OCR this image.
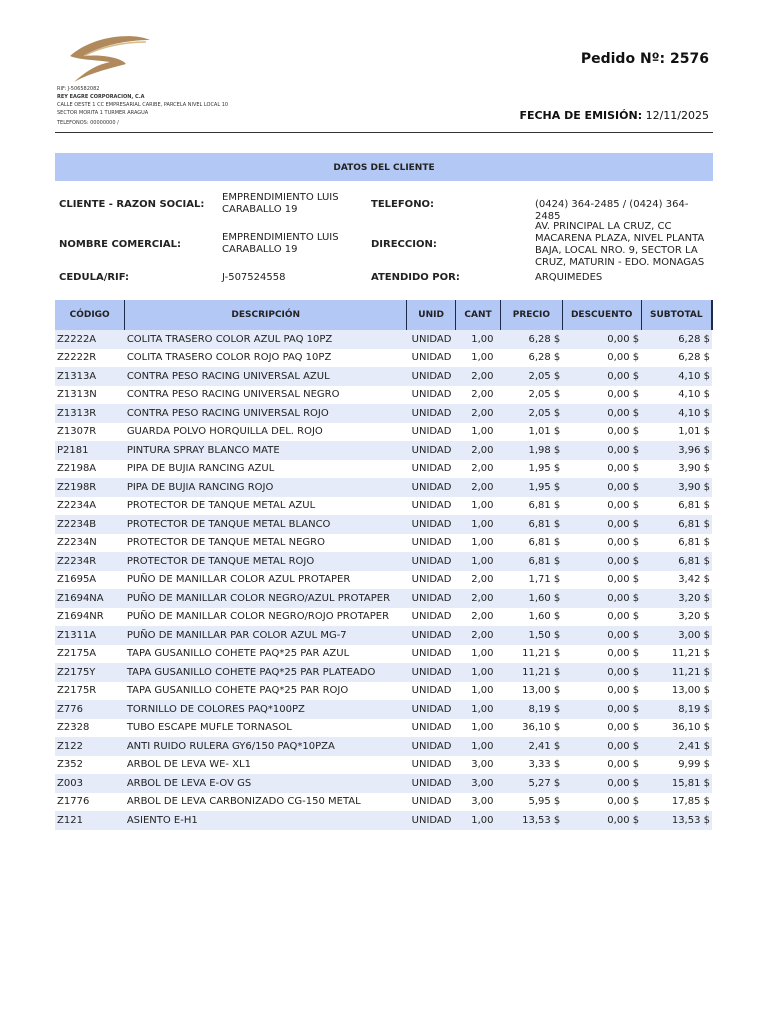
RIF: J-506582082
REY EAGRE CORPORACION, C.A
CALLE OESTE 1 CC EMPRESARIAL CARIBE, PARCELA NIVEL LOCAL 10
SECTOR MORITA 1 TURMER ARAGUA
TELEFONOS: 00000000 /
Pedido Nº: 2576
FECHA DE EMISIÓN: 12/11/2025
DATOS DEL CLIENTE
CLIENTE - RAZON SOCIAL:
EMPRENDIMIENTO LUIS CARABALLO 19	TELEFONO:	(0424) 364-2485 / (0424) 364-2485
NOMBRE COMERCIAL:
EMPRENDIMIENTO LUIS CARABALLO 19	DIRECCION:
AV. PRINCIPAL LA CRUZ, CC MACARENA PLAZA, NIVEL PLANTA BAJA, LOCAL NRO. 9, SECTOR LA CRUZ, MATURIN - EDO. MONAGAS
CEDULA/RIF:	J-507524558	ATENDIDO POR:	ARQUIMEDES
CÓDIGO	DESCRIPCIÓN	UNID	CANT	PRECIO	DESCUENTO	SUBTOTAL
Z2222A	COLITA TRASERO COLOR AZUL PAQ 10PZ	UNIDAD	1,00	6,28 $	0,00 $	6,28 $
Z2222R	COLITA TRASERO COLOR ROJO PAQ 10PZ	UNIDAD	1,00	6,28 $	0,00 $	6,28 $
Z1313A	CONTRA PESO RACING UNIVERSAL AZUL	UNIDAD	2,00	2,05 $	0,00 $	4,10 $
Z1313N	CONTRA PESO RACING UNIVERSAL NEGRO	UNIDAD	2,00	2,05 $	0,00 $	4,10 $
Z1313R	CONTRA PESO RACING UNIVERSAL ROJO	UNIDAD	2,00	2,05 $	0,00 $	4,10 $
Z1307R	GUARDA POLVO HORQUILLA DEL. ROJO	UNIDAD	1,00	1,01 $	0,00 $	1,01 $
P2181	PINTURA SPRAY BLANCO MATE	UNIDAD	2,00	1,98 $	0,00 $	3,96 $
Z2198A	PIPA DE BUJIA RANCING AZUL	UNIDAD	2,00	1,95 $	0,00 $	3,90 $
Z2198R	PIPA DE BUJIA RANCING ROJO	UNIDAD	2,00	1,95 $	0,00 $	3,90 $
Z2234A	PROTECTOR DE TANQUE METAL AZUL	UNIDAD	1,00	6,81 $	0,00 $	6,81 $
Z2234B	PROTECTOR DE TANQUE METAL BLANCO	UNIDAD	1,00	6,81 $	0,00 $	6,81 $
Z2234N	PROTECTOR DE TANQUE METAL NEGRO	UNIDAD	1,00	6,81 $	0,00 $	6,81 $
Z2234R	PROTECTOR DE TANQUE METAL ROJO	UNIDAD	1,00	6,81 $	0,00 $	6,81 $
Z1695A	PUÑO DE MANILLAR COLOR AZUL PROTAPER	UNIDAD	2,00	1,71 $	0,00 $	3,42 $
Z1694NA	PUÑO DE MANILLAR COLOR NEGRO/AZUL PROTAPER	UNIDAD	2,00	1,60 $	0,00 $	3,20 $
Z1694NR	PUÑO DE MANILLAR COLOR NEGRO/ROJO PROTAPER	UNIDAD	2,00	1,60 $	0,00 $	3,20 $
Z1311A	PUÑO DE MANILLAR PAR COLOR AZUL MG-7	UNIDAD	2,00	1,50 $	0,00 $	3,00 $
Z2175A	TAPA GUSANILLO COHETE PAQ*25 PAR AZUL	UNIDAD	1,00	11,21 $	0,00 $	11,21 $
Z2175Y	TAPA GUSANILLO COHETE PAQ*25 PAR PLATEADO	UNIDAD	1,00	11,21 $	0,00 $	11,21 $
Z2175R	TAPA GUSANILLO COHETE PAQ*25 PAR ROJO	UNIDAD	1,00	13,00 $	0,00 $	13,00 $
Z776	TORNILLO DE COLORES PAQ*100PZ	UNIDAD	1,00	8,19 $	0,00 $	8,19 $
Z2328	TUBO ESCAPE MUFLE TORNASOL	UNIDAD	1,00	36,10 $	0,00 $	36,10 $
Z122	ANTI RUIDO RULERA GY6/150 PAQ*10PZA	UNIDAD	1,00	2,41 $	0,00 $	2,41 $
Z352	ARBOL DE LEVA WE- XL1	UNIDAD	3,00	3,33 $	0,00 $	9,99 $
Z003	ARBOL DE LEVA E-OV GS	UNIDAD	3,00	5,27 $	0,00 $	15,81 $
Z1776	ARBOL DE LEVA CARBONIZADO CG-150 METAL	UNIDAD	3,00	5,95 $	0,00 $	17,85 $
Z121	ASIENTO E-H1	UNIDAD	1,00	13,53 $	0,00 $	13,53 $
